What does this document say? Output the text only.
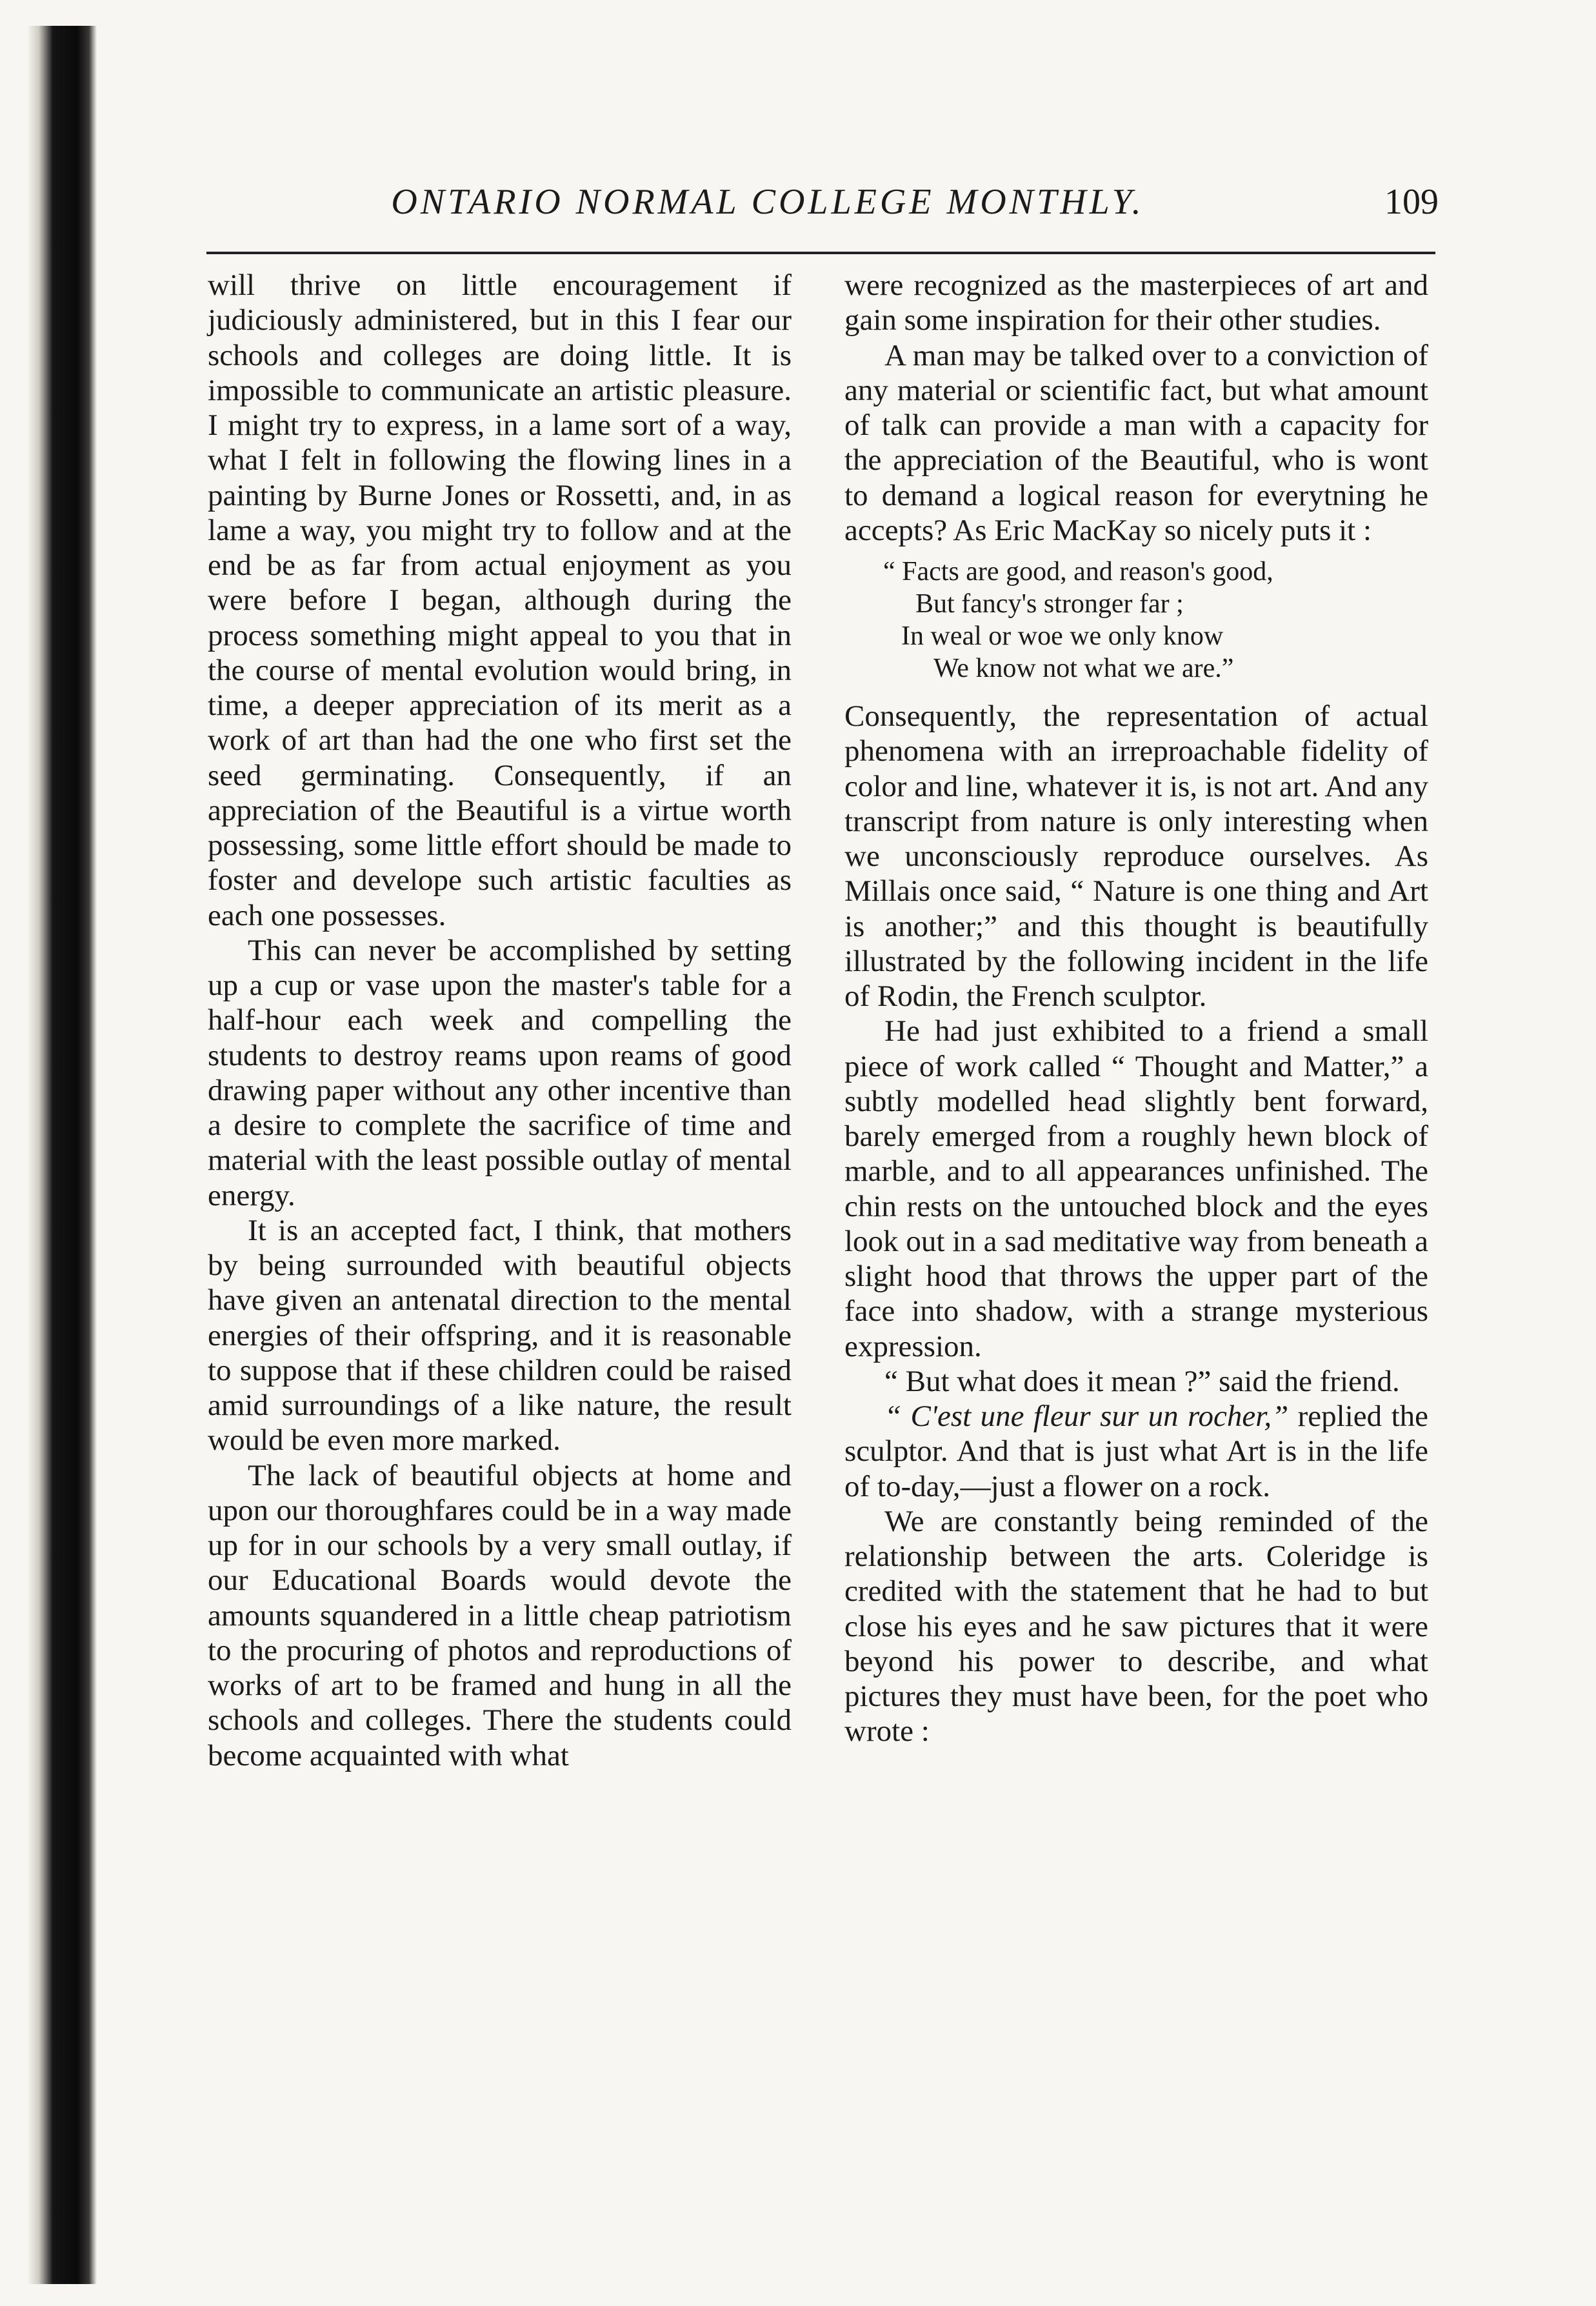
ONTARIO NORMAL COLLEGE MONTHLY.	109

will thrive on little encouragement if judiciously administered, but in this I fear our schools and colleges are doing little. It is impossible to communicate an artistic pleasure. I might try to express, in a lame sort of a way, what I felt in following the flowing lines in a painting by Burne Jones or Rossetti, and, in as lame a way, you might try to follow and at the end be as far from actual enjoyment as you were before I began, although during the process something might appeal to you that in the course of mental evolution would bring, in time, a deeper appreciation of its merit as a work of art than had the one who first set the seed germinating. Consequently, if an appreciation of the Beautiful is a virtue worth possessing, some little effort should be made to foster and develope such artistic faculties as each one possesses.

This can never be accomplished by setting up a cup or vase upon the master's table for a half-hour each week and compelling the students to destroy reams upon reams of good drawing paper without any other incentive than a desire to complete the sacrifice of time and material with the least possible outlay of mental energy.

It is an accepted fact, I think, that mothers by being surrounded with beautiful objects have given an antenatal direction to the mental energies of their offspring, and it is reasonable to suppose that if these children could be raised amid surroundings of a like nature, the result would be even more marked.

The lack of beautiful objects at home and upon our thoroughfares could be in a way made up for in our schools by a very small outlay, if our Educational Boards would devote the amounts squandered in a little cheap patriotism to the procuring of photos and reproductions of works of art to be framed and hung in all the schools and colleges. There the students could become acquainted with what

were recognized as the masterpieces of art and gain some inspiration for their other studies.

A man may be talked over to a conviction of any material or scientific fact, but what amount of talk can provide a man with a capacity for the appreciation of the Beautiful, who is wont to demand a logical reason for everytning he accepts? As Eric MacKay so nicely puts it :

“ Facts are good, and reason's good,
But fancy's stronger far ;
In weal or woe we only know
We know not what we are.”

Consequently, the representation of actual phenomena with an irreproachable fidelity of color and line, whatever it is, is not art. And any transcript from nature is only interesting when we unconsciously reproduce ourselves. As Millais once said, “ Nature is one thing and Art is another;” and this thought is beautifully illustrated by the following incident in the life of Rodin, the French sculptor.

He had just exhibited to a friend a small piece of work called “ Thought and Matter,” a subtly modelled head slightly bent forward, barely emerged from a roughly hewn block of marble, and to all appearances unfinished. The chin rests on the untouched block and the eyes look out in a sad meditative way from beneath a slight hood that throws the upper part of the face into shadow, with a strange mysterious expression.

“ But what does it mean ?” said the friend.

“ C'est une fleur sur un rocher,” replied the sculptor. And that is just what Art is in the life of to-day,—just a flower on a rock.

We are constantly being reminded of the relationship between the arts. Coleridge is credited with the statement that he had to but close his eyes and he saw pictures that it were beyond his power to describe, and what pictures they must have been, for the poet who wrote :
